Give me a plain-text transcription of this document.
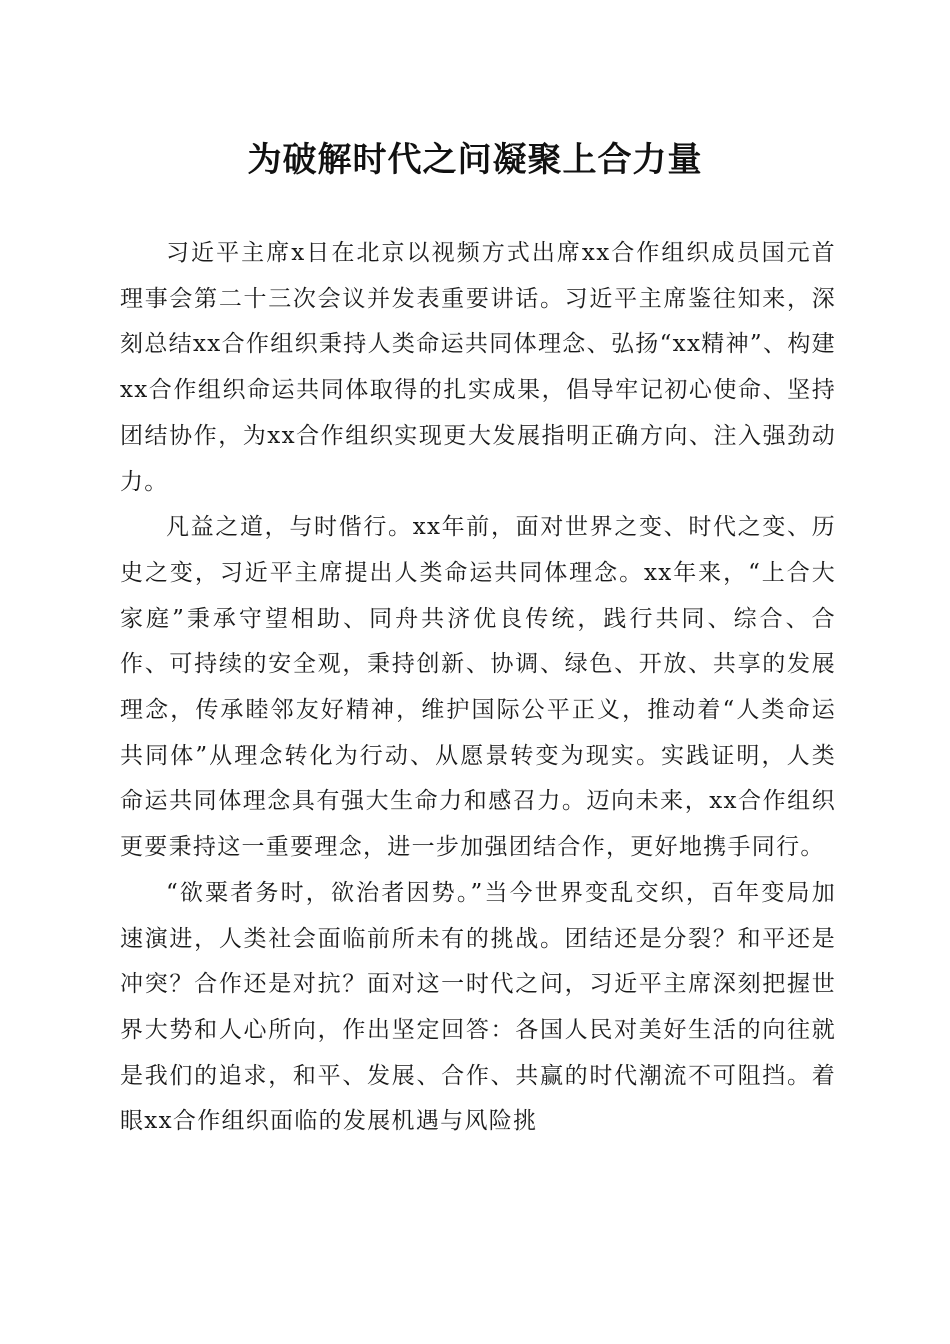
为破解时代之问凝聚上合力量

习近平主席x日在北京以视频方式出席xx合作组织成员国元首理事会第二十三次会议并发表重要讲话。习近平主席鉴往知来，深刻总结xx合作组织秉持人类命运共同体理念、弘扬“xx精神”、构建xx合作组织命运共同体取得的扎实成果，倡导牢记初心使命、坚持团结协作，为xx合作组织实现更大发展指明正确方向、注入强劲动力。

凡益之道，与时偕行。xx年前，面对世界之变、时代之变、历史之变，习近平主席提出人类命运共同体理念。xx年来，“上合大家庭”秉承守望相助、同舟共济优良传统，践行共同、综合、合作、可持续的安全观，秉持创新、协调、绿色、开放、共享的发展理念，传承睦邻友好精神，维护国际公平正义，推动着“人类命运共同体”从理念转化为行动、从愿景转变为现实。实践证明，人类命运共同体理念具有强大生命力和感召力。迈向未来，xx合作组织更要秉持这一重要理念，进一步加强团结合作，更好地携手同行。

“欲粟者务时，欲治者因势。”当今世界变乱交织，百年变局加速演进，人类社会面临前所未有的挑战。团结还是分裂？和平还是冲突？合作还是对抗？面对这一时代之问，习近平主席深刻把握世界大势和人心所向，作出坚定回答：各国人民对美好生活的向往就是我们的追求，和平、发展、合作、共赢的时代潮流不可阻挡。着眼xx合作组织面临的发展机遇与风险挑
